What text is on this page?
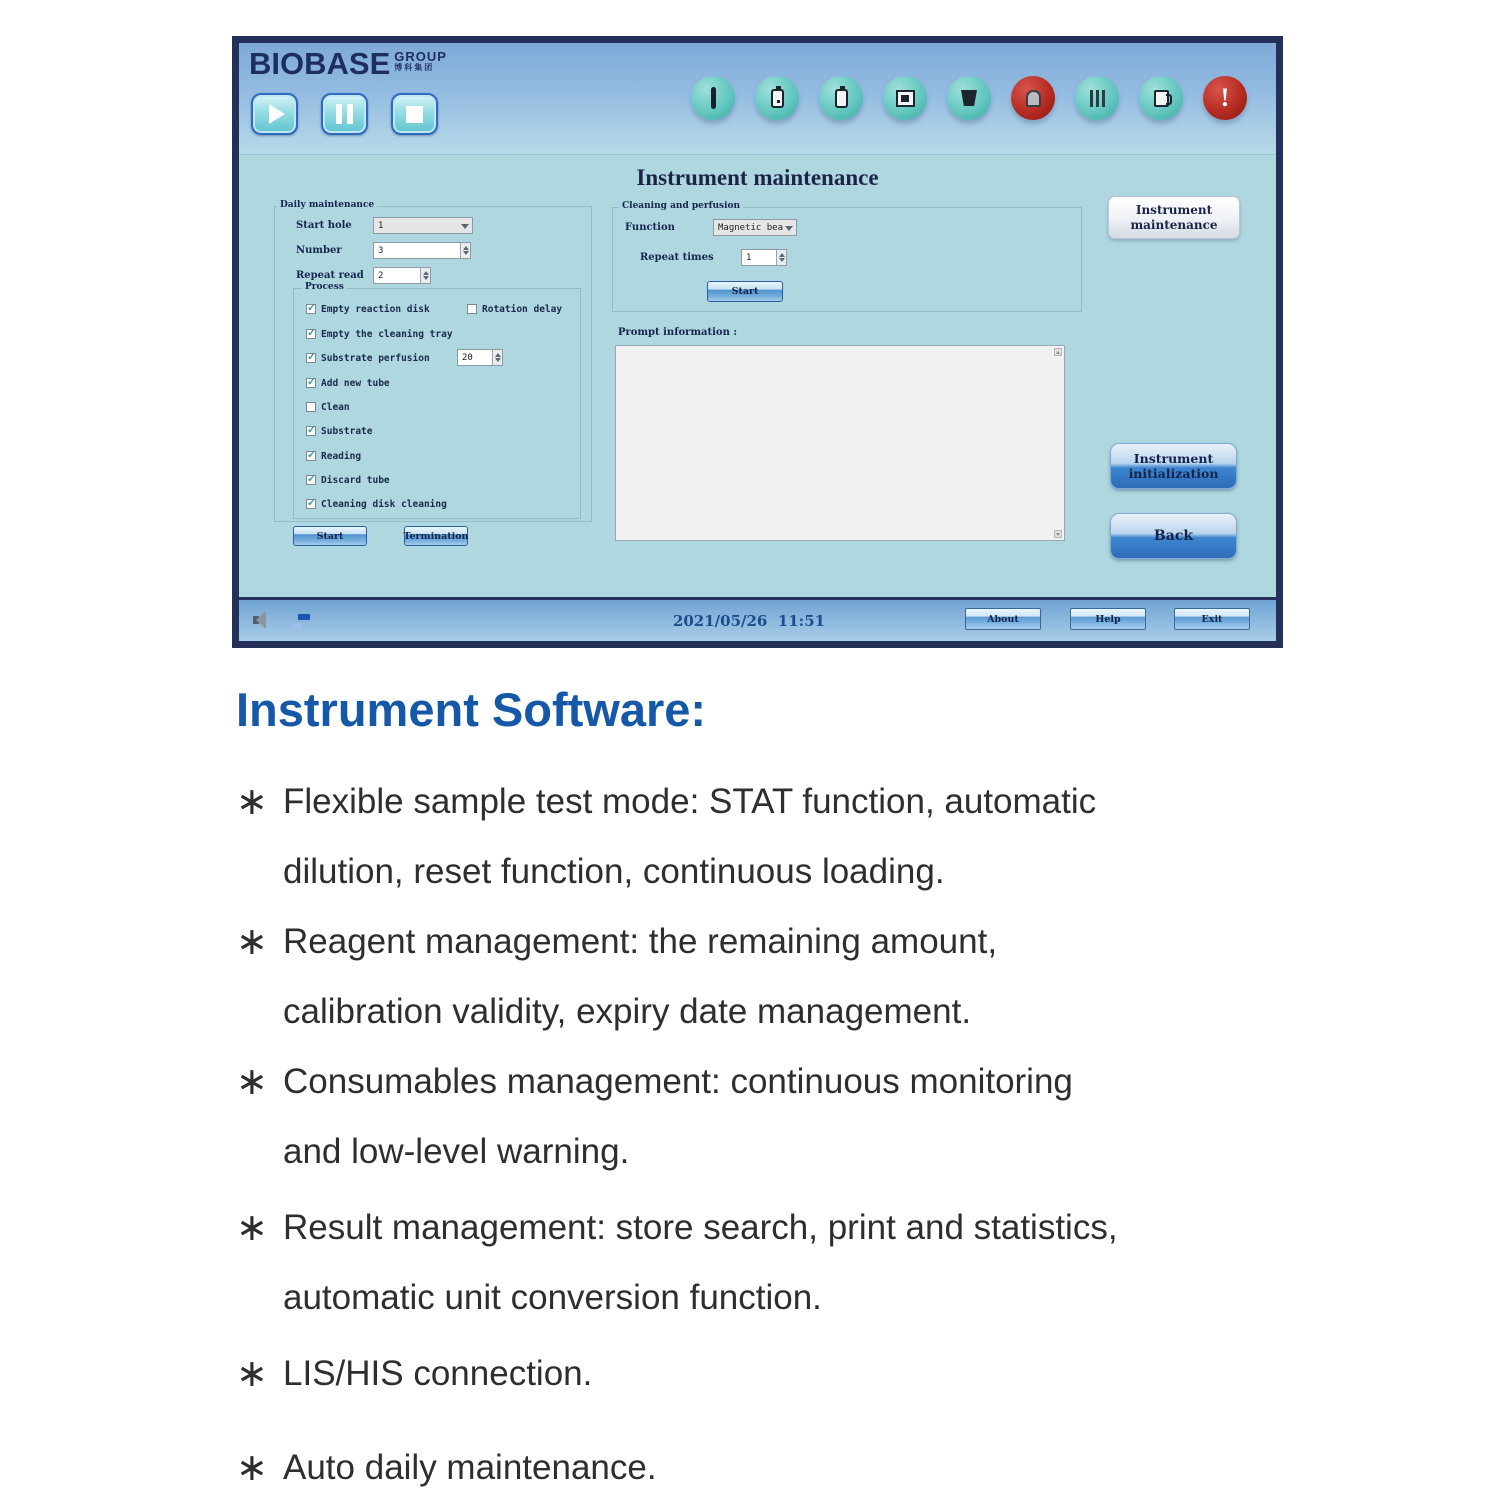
BIOBASE GROUP
博科集团
!
Instrument maintenance
Daily maintenance
Start hole	1
Number	3
Repeat read 2
Process
✓ Empty reaction disk	Rotation delay
✓ Empty the cleaning tray
✓ Substrate perfusion	20
✓ Add new tube
Clean
✓ Substrate
✓ Reading
✓ Discard tube
✓ Cleaning disk cleaning
Start	Termination
Cleaning and perfusion
Function	Magnetic bea
Repeat times	1
Start
Prompt information :
Instrument
maintenance
Instrument
initialization
Back
2021/05/26  11:51	About	Help	Exit
Instrument Software:
∗ Flexible sample test mode: STAT function, automatic
dilution, reset function, continuous loading.
∗ Reagent management: the remaining amount,
calibration validity, expiry date management.
∗ Consumables management: continuous monitoring
and low-level warning.
∗ Result management: store search, print and statistics,
automatic unit conversion function.
∗ LIS/HIS connection.
∗ Auto daily maintenance.
